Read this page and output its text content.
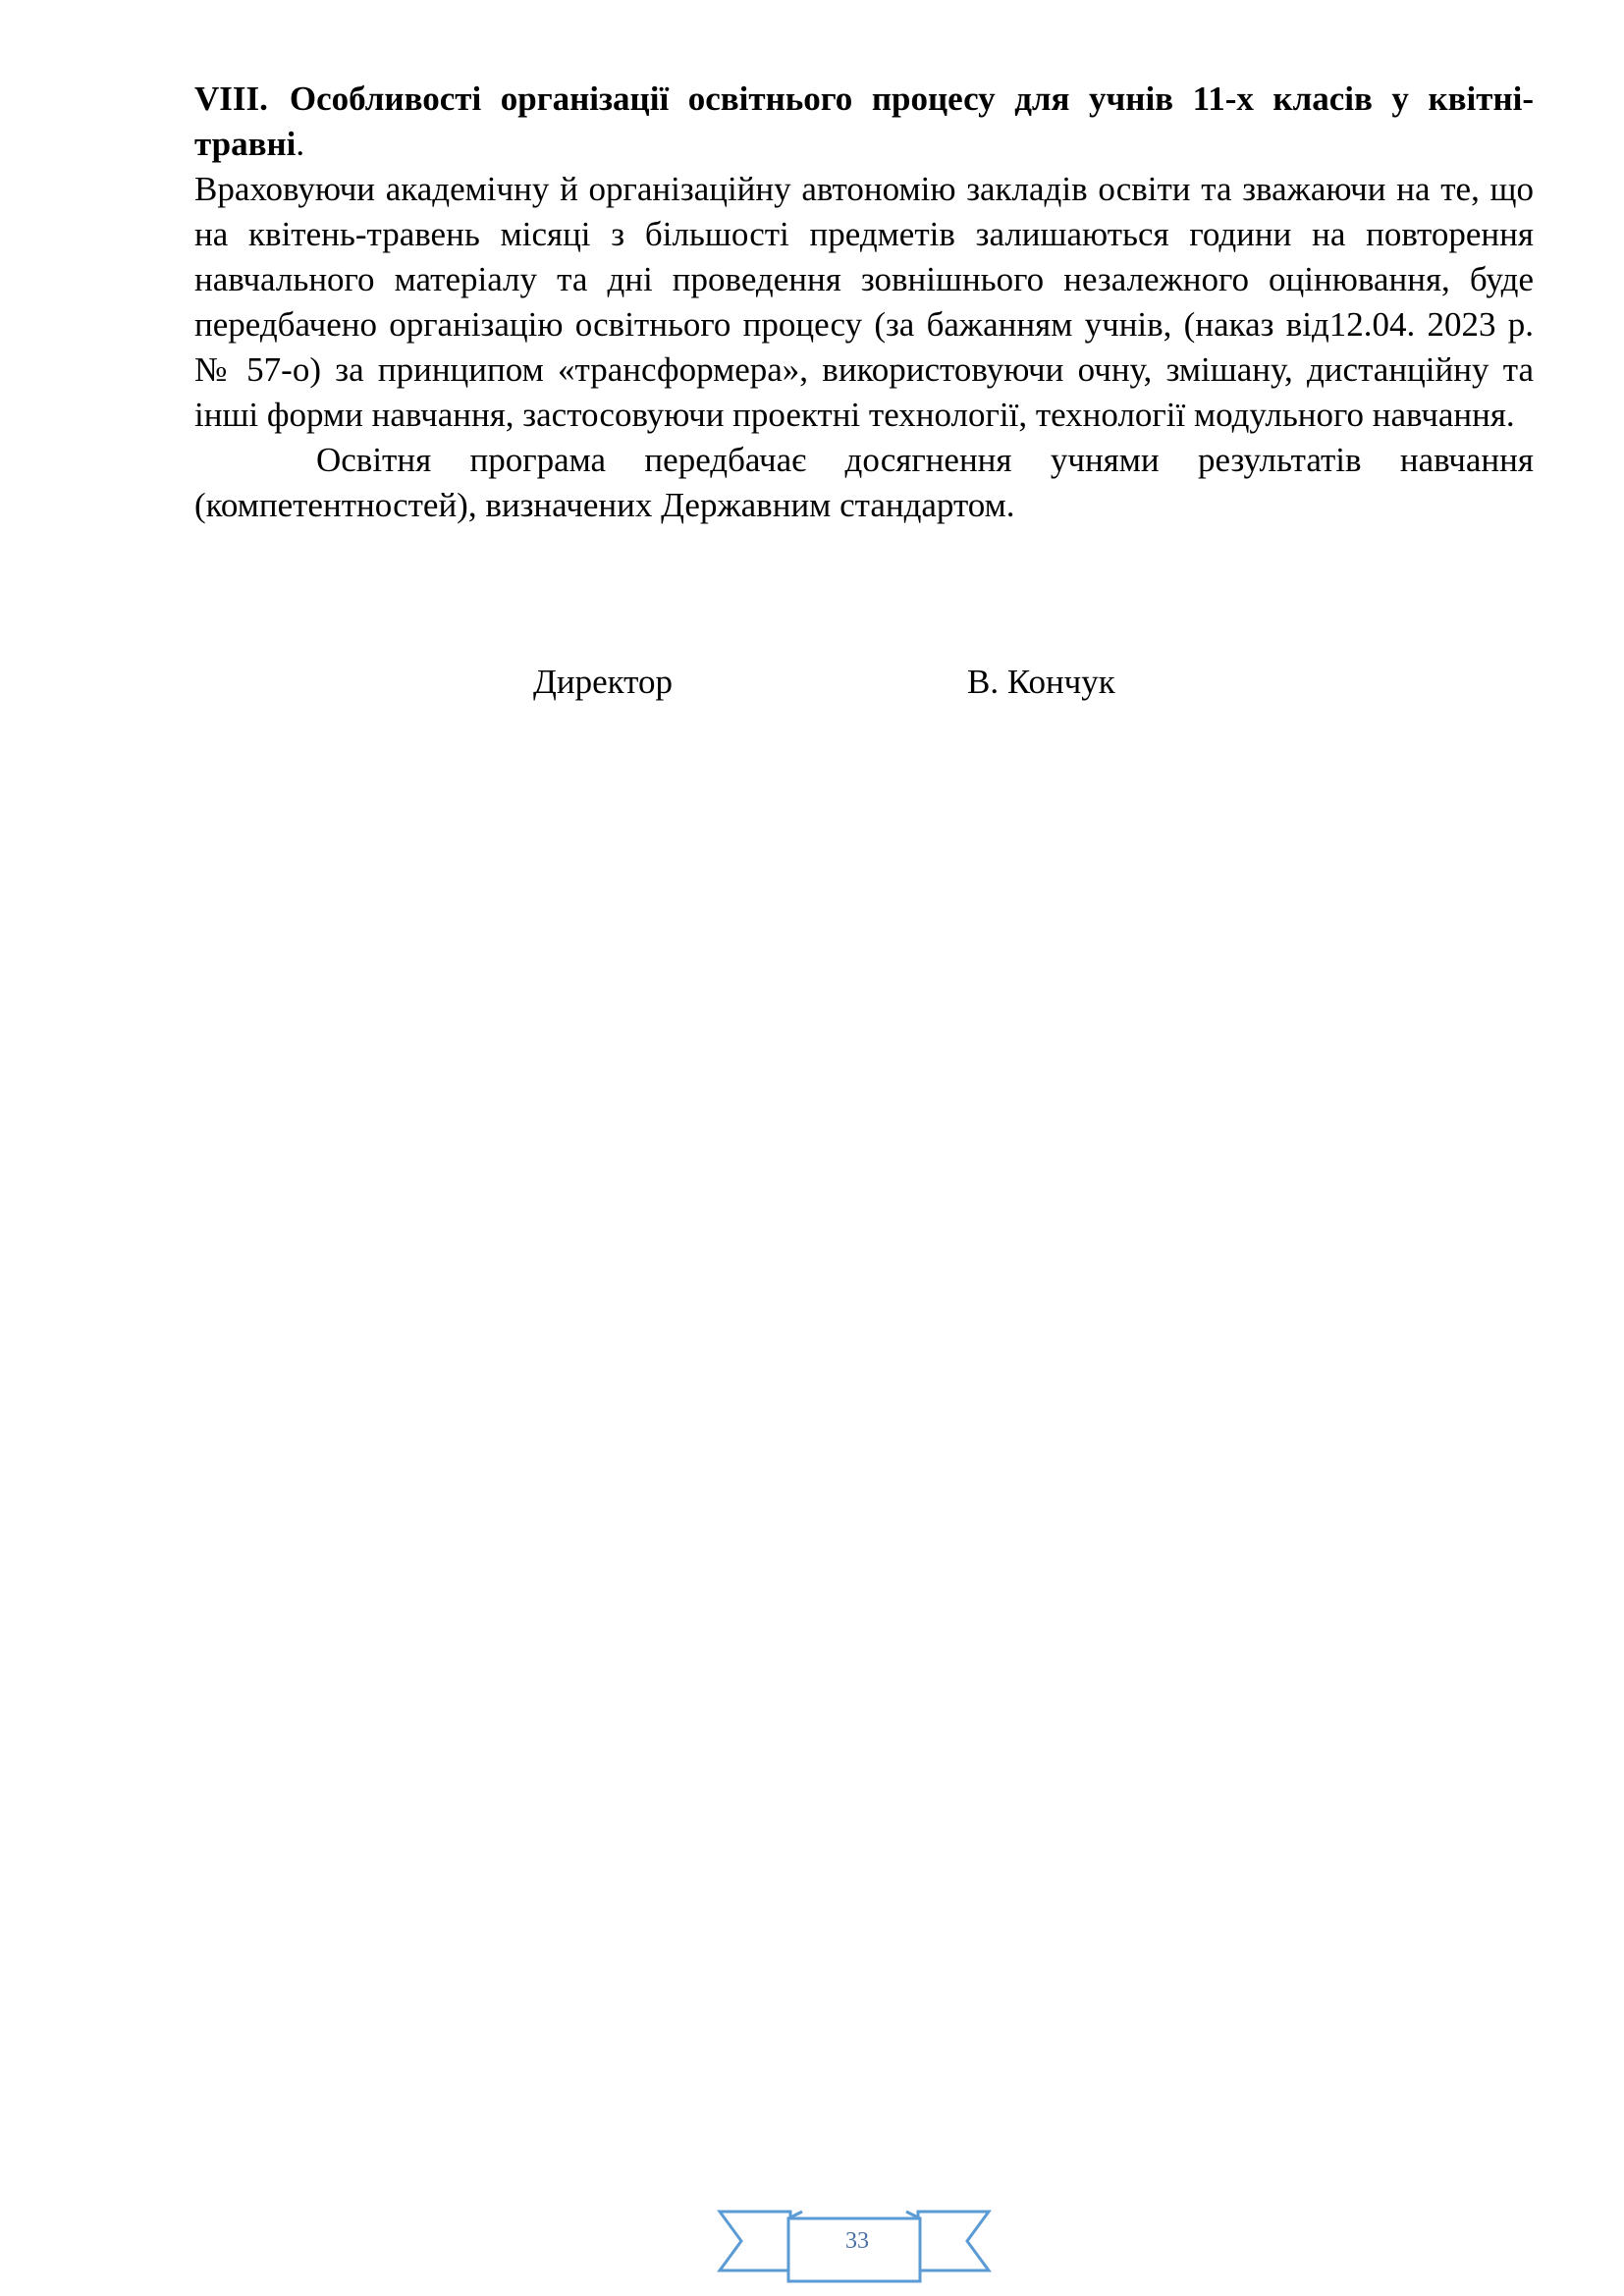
VIII. Особливості організації освітнього процесу для учнів 11-х класів у квітні-травні.

Враховуючи академічну й організаційну автономію закладів освіти та зважаючи на те, що на квітень-травень місяці з більшості предметів залишаються години на повторення навчального матеріалу та дні проведення зовнішнього незалежного оцінювання, буде передбачено організацію освітнього процесу (за бажанням учнів, (наказ від12.04. 2023 р. № 57-о) за принципом «трансформера», використовуючи очну, змішану, дистанційну та інші форми навчання, застосовуючи проектні технології, технології модульного навчання.

Освітня програма передбачає досягнення учнями результатів навчання (компетентностей), визначених Державним стандартом.

Директор	В. Кончук
33
